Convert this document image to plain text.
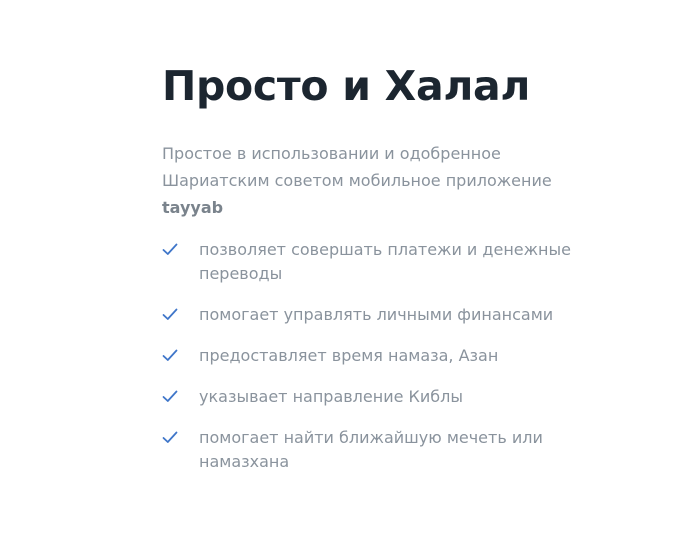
Просто и Халал

Простое в использовании и одобренное Шариатским советом мобильное приложение
tayyab

позволяет совершать платежи и денежные переводы
помогает управлять личными финансами
предоставляет время намаза, Азан
указывает направление Киблы
помогает найти ближайшую мечеть или намазхана
